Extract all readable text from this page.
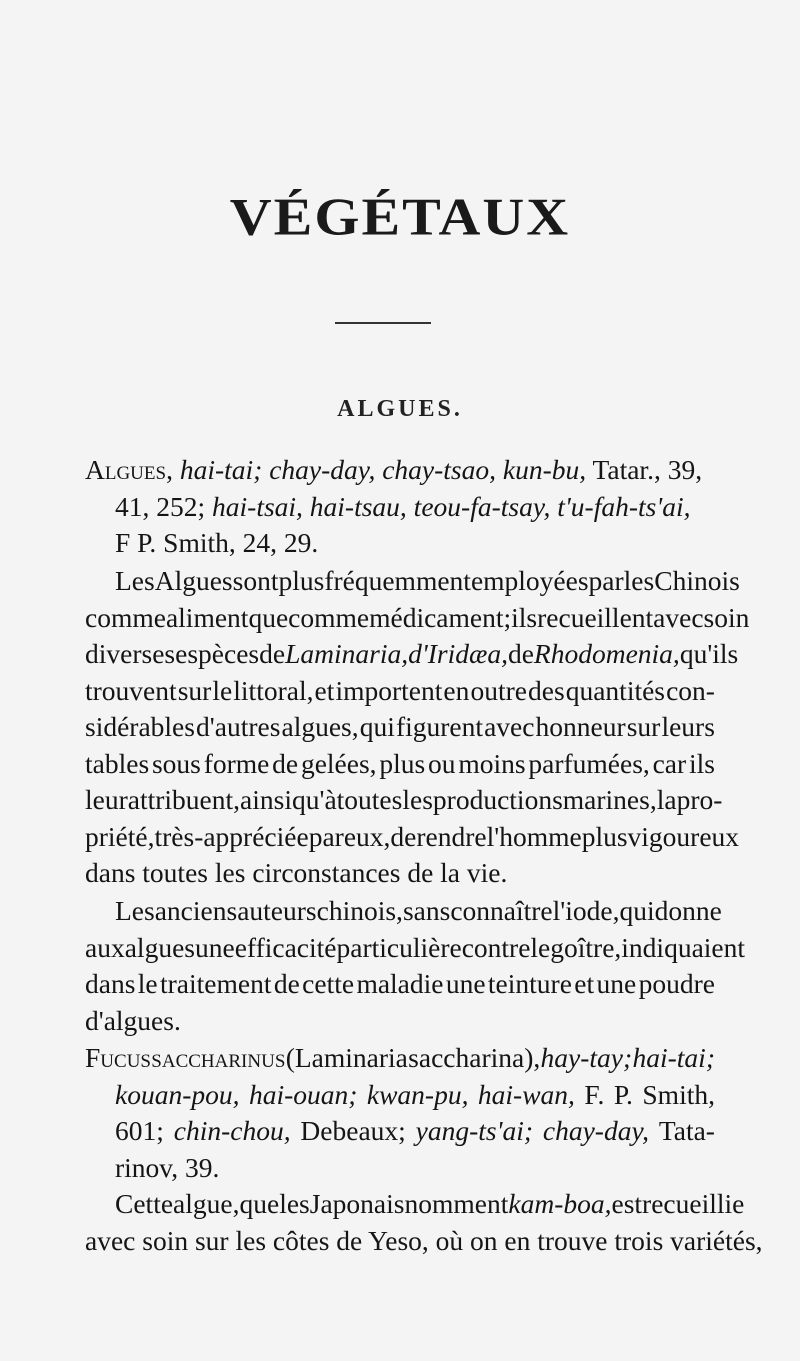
VÉGÉTAUX
ALGUES.
Algues, hai-tai; chay-day, chay-tsao, kun-bu, Tatar., 39,
41, 252; hai-tsai, hai-tsau, teou-fa-tsay, t'u-fah-ts'ai,
F P. Smith, 24, 29.
Les Algues sont plus fréquemment employées par les Chinois
comme aliment que comme médicament; ils recueillent avec soin
diverses espèces de Laminaria, d'Iridæa, de Rhodomenia, qu'ils
trouvent sur le littoral, et importent en outre des quantités con-
sidérables d'autres algues, qui figurent avec honneur sur leurs
tables sous forme de gelées, plus ou moins parfumées, car ils
leur attribuent, ainsi qu'à toutes les productions marines, la pro-
priété, très-appréciée par eux, de rendre l'homme plus vigoureux
dans toutes les circonstances de la vie.
Les anciens auteurs chinois, sans connaître l'iode, qui donne
aux algues une efficacité particulière contre le goître, indiquaient
dans le traitement de cette maladie une teinture et une poudre
d'algues.
Fucus saccharinus (Laminaria saccharina), hay-tay; hai-tai;
kouan-pou, hai-ouan; kwan-pu, hai-wan, F. P. Smith,
601; chin-chou, Debeaux; yang-ts'ai; chay-day, Tata-
rinov, 39.
Cette algue, que les Japonais nomment kam-boa, est recueillie
avec soin sur les côtes de Yeso, où on en trouve trois variétés,
